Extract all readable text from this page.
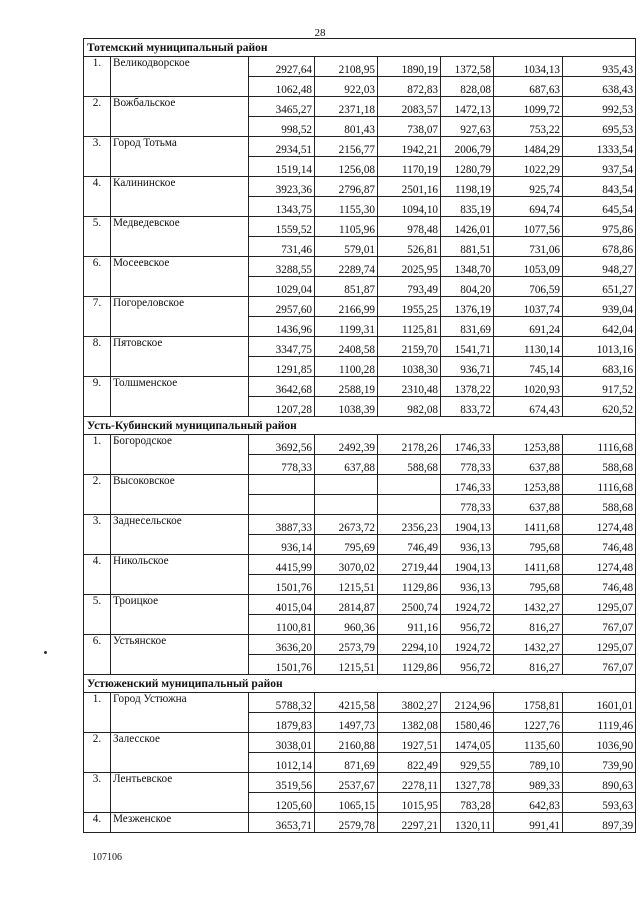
28
Тотемский муниципальный район							
1.	Великодворское	2927,64	2108,95	1890,19	1372,58	1034,13	935,43
		1062,48	922,03	872,83	828,08	687,63	638,43
2.	Вожбальское	3465,27	2371,18	2083,57	1472,13	1099,72	992,53
		998,52	801,43	738,07	927,63	753,22	695,53
3.	Город Тотьма	2934,51	2156,77	1942,21	2006,79	1484,29	1333,54
		1519,14	1256,08	1170,19	1280,79	1022,29	937,54
4.	Калининское	3923,36	2796,87	2501,16	1198,19	925,74	843,54
		1343,75	1155,30	1094,10	835,19	694,74	645,54
5.	Медведевское	1559,52	1105,96	978,48	1426,01	1077,56	975,86
		731,46	579,01	526,81	881,51	731,06	678,86
6.	Мосеевское	3288,55	2289,74	2025,95	1348,70	1053,09	948,27
		1029,04	851,87	793,49	804,20	706,59	651,27
7.	Погореловское	2957,60	2166,99	1955,25	1376,19	1037,74	939,04
		1436,96	1199,31	1125,81	831,69	691,24	642,04
8.	Пятовское	3347,75	2408,58	2159,70	1541,71	1130,14	1013,16
		1291,85	1100,28	1038,30	936,71	745,14	683,16
9.	Толшменское	3642,68	2588,19	2310,48	1378,22	1020,93	917,52
		1207,28	1038,39	982,08	833,72	674,43	620,52
Усть-Кубинский муниципальный район							
1.	Богородское	3692,56	2492,39	2178,26	1746,33	1253,88	1116,68
		778,33	637,88	588,68	778,33	637,88	588,68
2.	Высоковское				1746,33	1253,88	1116,68
					778,33	637,88	588,68
3.	Заднесельское	3887,33	2673,72	2356,23	1904,13	1411,68	1274,48
		936,14	795,69	746,49	936,13	795,68	746,48
4.	Никольское	4415,99	3070,02	2719,44	1904,13	1411,68	1274,48
		1501,76	1215,51	1129,86	936,13	795,68	746,48
5.	Троицкое	4015,04	2814,87	2500,74	1924,72	1432,27	1295,07
		1100,81	960,36	911,16	956,72	816,27	767,07
6.	Устьянское	3636,20	2573,79	2294,10	1924,72	1432,27	1295,07
		1501,76	1215,51	1129,86	956,72	816,27	767,07
Устюженский муниципальный район							
1.	Город Устюжна	5788,32	4215,58	3802,27	2124,96	1758,81	1601,01
		1879,83	1497,73	1382,08	1580,46	1227,76	1119,46
2.	Залесское	3038,01	2160,88	1927,51	1474,05	1135,60	1036,90
		1012,14	871,69	822,49	929,55	789,10	739,90
3.	Лентьевское	3519,56	2537,67	2278,11	1327,78	989,33	890,63
		1205,60	1065,15	1015,95	783,28	642,83	593,63
4.	Мезженское	3653,71	2579,78	2297,21	1320,11	991,41	897,39
107106
